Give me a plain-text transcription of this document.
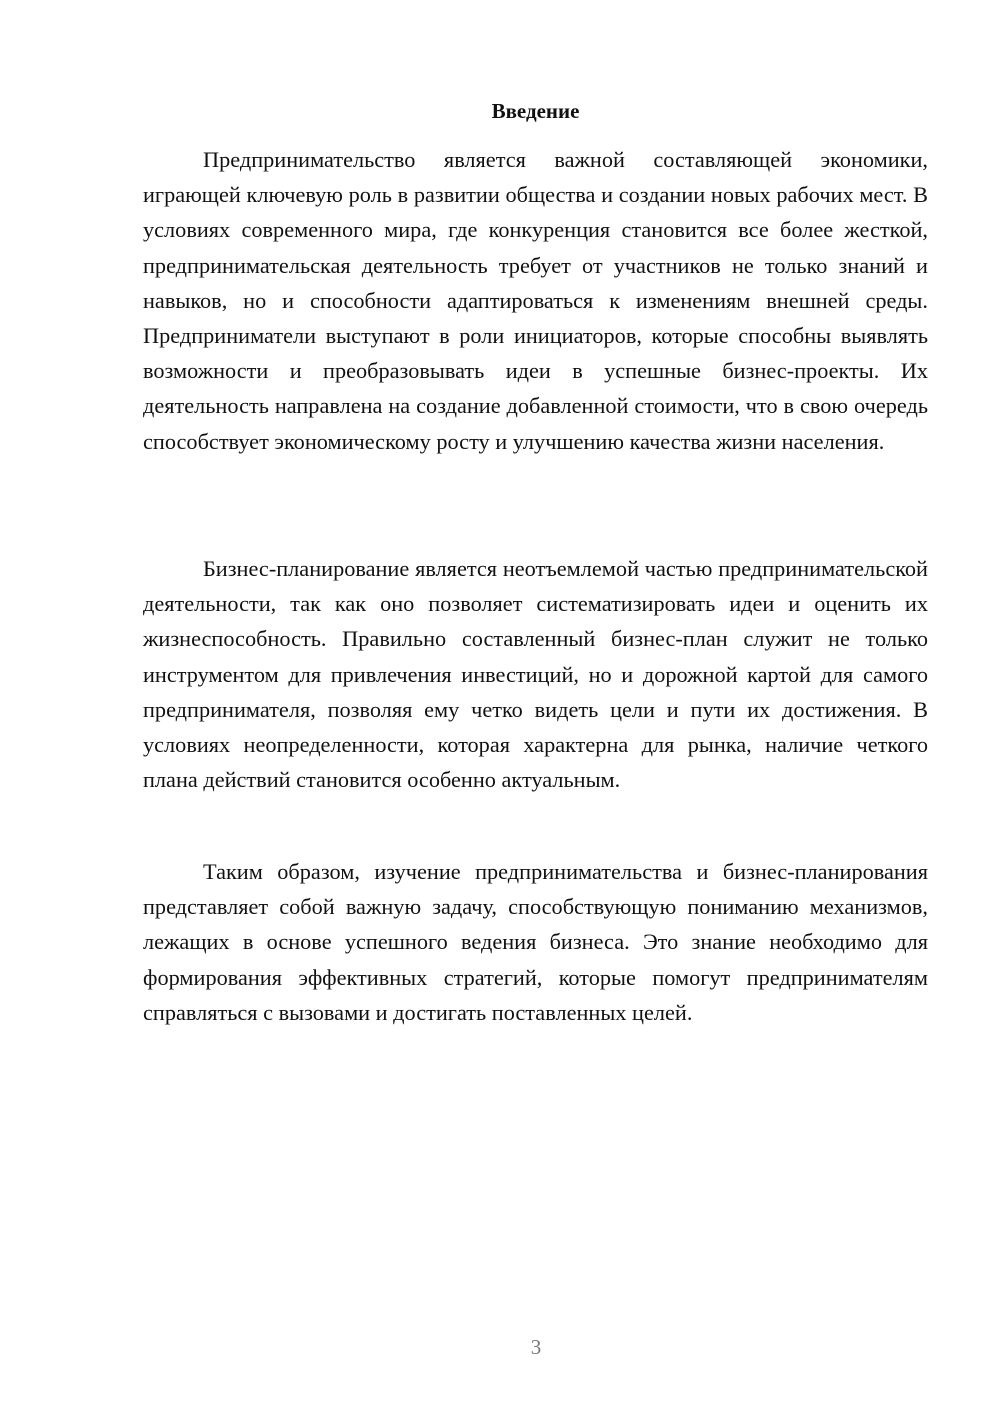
Введение

Предпринимательство является важной составляющей экономики, играющей ключевую роль в развитии общества и создании новых рабочих мест. В условиях современного мира, где конкуренция становится все более жесткой, предпринимательская деятельность требует от участников не только знаний и навыков, но и способности адаптироваться к изменениям внешней среды. Предприниматели выступают в роли инициаторов, которые способны выявлять возможности и преобразовывать идеи в успешные бизнес-проекты. Их деятельность направлена на создание добавленной стоимости, что в свою очередь способствует экономическому росту и улучшению качества жизни населения.

Бизнес-планирование является неотъемлемой частью предпринимательской деятельности, так как оно позволяет систематизировать идеи и оценить их жизнеспособность. Правильно составленный бизнес-план служит не только инструментом для привлечения инвестиций, но и дорожной картой для самого предпринимателя, позволяя ему четко видеть цели и пути их достижения. В условиях неопределенности, которая характерна для рынка, наличие четкого плана действий становится особенно актуальным.

Таким образом, изучение предпринимательства и бизнес-планирования представляет собой важную задачу, способствующую пониманию механизмов, лежащих в основе успешного ведения бизнеса. Это знание необходимо для формирования эффективных стратегий, которые помогут предпринимателям справляться с вызовами и достигать поставленных целей.

3
